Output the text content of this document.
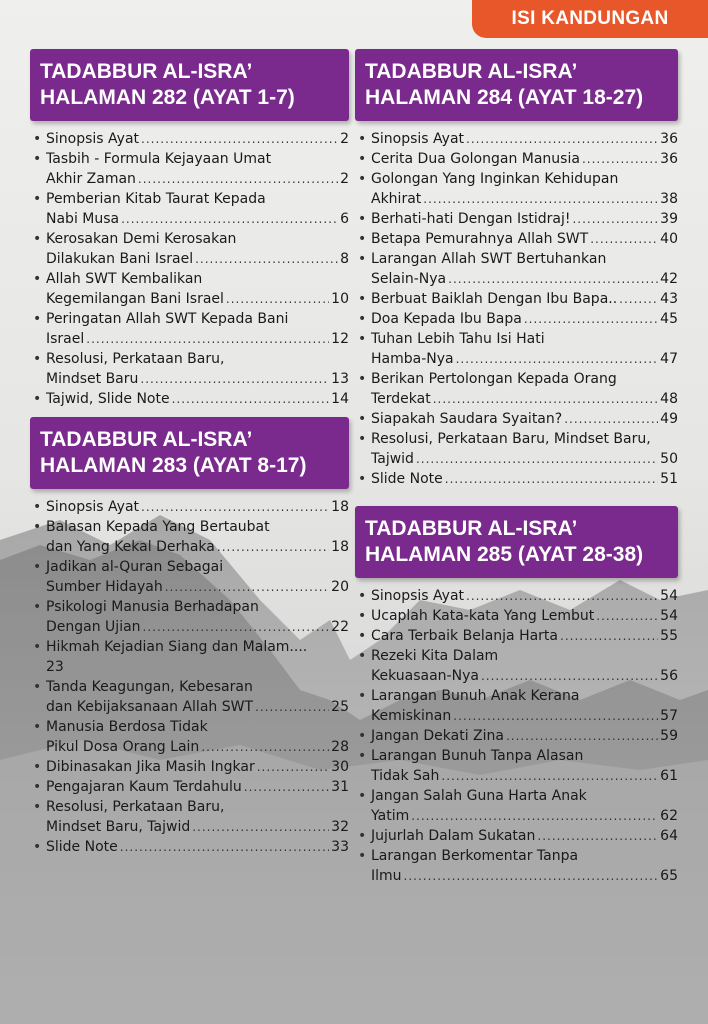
ISI KANDUNGAN
TADABBUR AL-ISRA’
HALAMAN 282 (AYAT 1-7)
• Sinopsis Ayat .....	2
• Tasbih - Formula Kejayaan Umat
Akhir Zaman .....	2
• Pemberian Kitab Taurat Kepada
Nabi Musa .....	6
• Kerosakan Demi Kerosakan
Dilakukan Bani Israel .....	8
• Allah SWT Kembalikan
Kegemilangan Bani Israel .....	10
• Peringatan Allah SWT Kepada Bani
Israel .....	12
• Resolusi, Perkataan Baru,
Mindset Baru .....	13
• Tajwid, Slide Note .....	14
TADABBUR AL-ISRA’
HALAMAN 283 (AYAT 8-17)
• Sinopsis Ayat .....	18
• Balasan Kepada Yang Bertaubat
dan Yang Kekal Derhaka .....	18
• Jadikan al-Quran Sebagai
Sumber Hidayah .....	20
• Psikologi Manusia Berhadapan
Dengan Ujian .....	22
• Hikmah Kejadian Siang dan Malam....
23
• Tanda Keagungan, Kebesaran
dan Kebijaksanaan Allah SWT .....	25
• Manusia Berdosa Tidak
Pikul Dosa Orang Lain .....	28
• Dibinasakan Jika Masih Ingkar .....	30
• Pengajaran Kaum Terdahulu .....	31
• Resolusi, Perkataan Baru,
Mindset Baru, Tajwid .....	32
• Slide Note .....	33
TADABBUR AL-ISRA’
HALAMAN 284 (AYAT 18-27)
• Sinopsis Ayat .....	36
• Cerita Dua Golongan Manusia .....	36
• Golongan Yang Inginkan Kehidupan
Akhirat .....	38
• Berhati-hati Dengan Istidraj! .....	39
• Betapa Pemurahnya Allah SWT .....	40
• Larangan Allah SWT Bertuhankan
Selain-Nya .....	42
• Berbuat Baiklah Dengan Ibu Bapa.. .....	43
• Doa Kepada Ibu Bapa .....	45
• Tuhan Lebih Tahu Isi Hati
Hamba-Nya .....	47
• Berikan Pertolongan Kepada Orang
Terdekat .....	48
• Siapakah Saudara Syaitan? .....	49
• Resolusi, Perkataan Baru, Mindset Baru,
Tajwid .....	50
• Slide Note .....	51
TADABBUR AL-ISRA’
HALAMAN 285 (AYAT 28-38)
• Sinopsis Ayat .....	54
• Ucaplah Kata-kata Yang Lembut .....	54
• Cara Terbaik Belanja Harta .....	55
• Rezeki Kita Dalam
Kekuasaan-Nya .....	56
• Larangan Bunuh Anak Kerana
Kemiskinan .....	57
• Jangan Dekati Zina .....	59
• Larangan Bunuh Tanpa Alasan
Tidak Sah .....	61
• Jangan Salah Guna Harta Anak
Yatim .....	62
• Jujurlah Dalam Sukatan .....	64
• Larangan Berkomentar Tanpa
Ilmu .....	65
